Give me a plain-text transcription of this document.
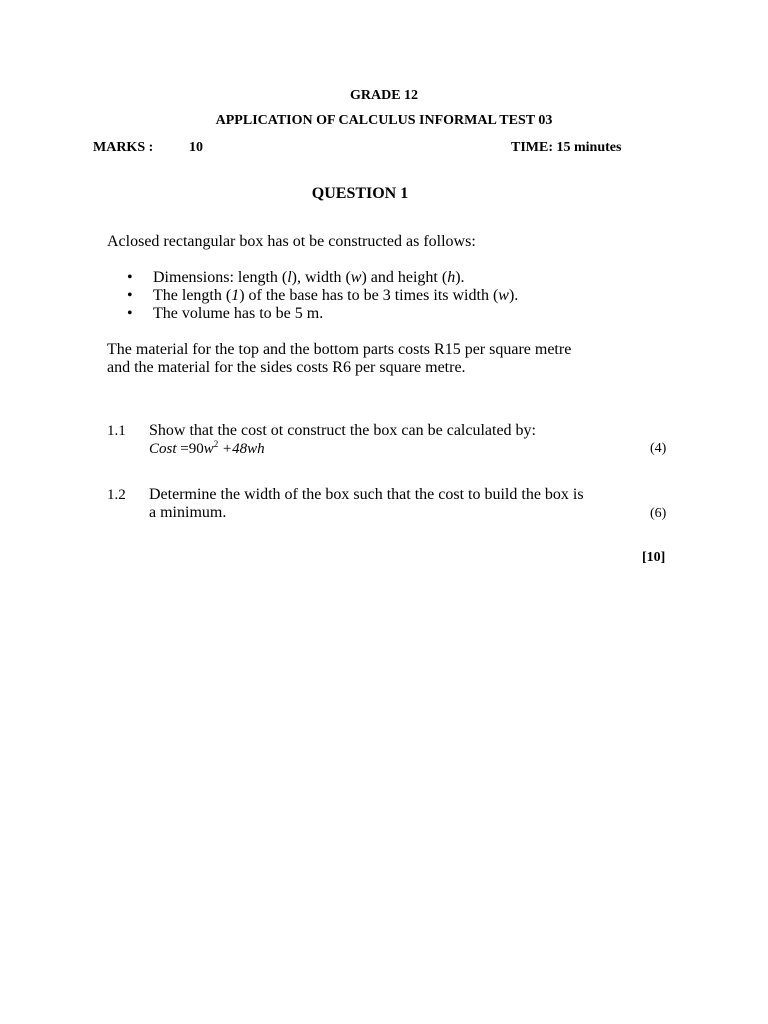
GRADE 12
APPLICATION OF CALCULUS INFORMAL TEST 03
MARKS :	10	TIME: 15 minutes
QUESTION 1
Aclosed rectangular box has ot be constructed as follows:
• Dimensions: length (l), width (w) and height (h).
• The length (1) of the base has to be 3 times its width (w).
• The volume has to be 5 m.
The material for the top and the bottom parts costs R15 per square metre
and the material for the sides costs R6 per square metre.
1.1 Show that the cost ot construct the box can be calculated by:
Cost $=90w^2 +48wh$	(4)
1.2 Determine the width of the box such that the cost to build the box is
a minimum.	(6)
[10]
